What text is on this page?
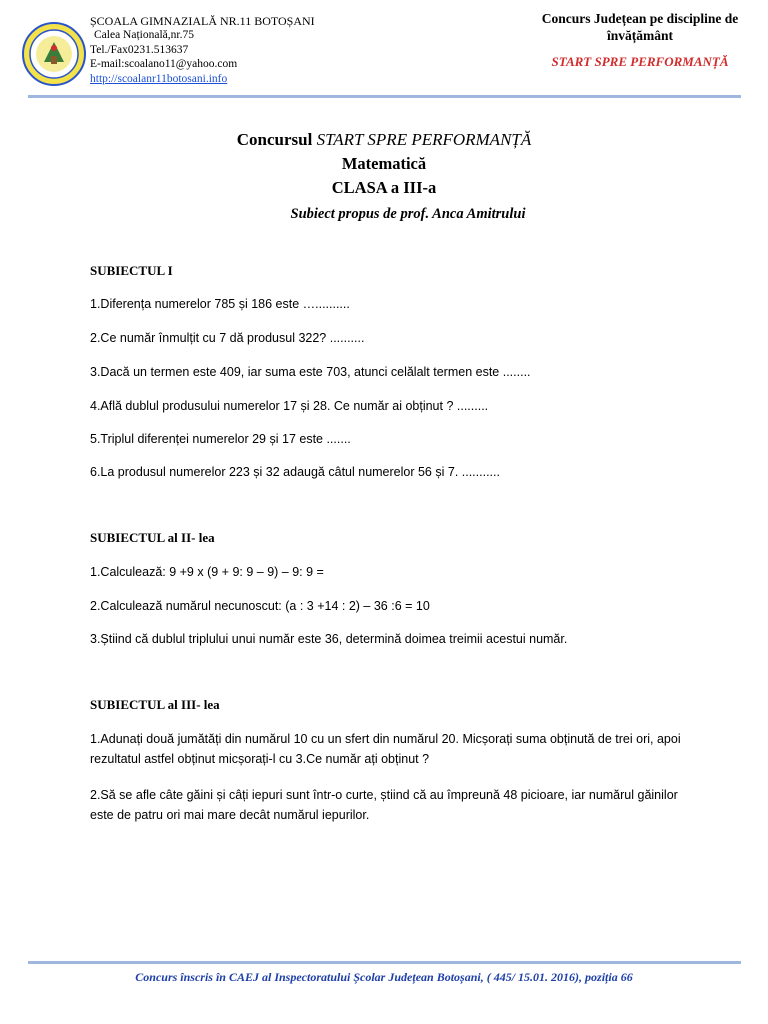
ȘCOALA GIMNAZIALĂ NR.11 BOTOȘANI
Calea Națională,nr.75
Tel./Fax0231.513637
E-mail:scoalano11@yahoo.com
http://scoalanr11botosani.info
Concurs Județean pe discipline de învățământ
START SPRE PERFORMANȚĂ
Concursul START SPRE PERFORMANȚĂ
Matematică
CLASA a III-a
Subiect propus de prof. Anca Amitrului
SUBIECTUL I
1.Diferența numerelor 785 și 186 este …..........
2.Ce număr înmulțit cu 7 dă produsul 322? ..........
3.Dacă un termen este 409, iar suma este 703, atunci celălalt termen este ........
4.Află dublul produsului numerelor 17 și 28. Ce număr ai obținut ? .........
5.Triplul diferenței numerelor 29 și 17 este .......
6.La produsul numerelor 223 și 32 adaugă câtul numerelor 56 și 7. ...........
SUBIECTUL al II- lea
1.Calculează: 9 +9 x (9 + 9: 9 – 9) – 9: 9 =
2.Calculează numărul necunoscut: (a : 3 +14 : 2) – 36 :6 = 10
3.Știind că dublul triplului unui număr este 36, determină doimea treimii acestui număr.
SUBIECTUL al III- lea
1.Adunați două jumătăți din numărul 10 cu un sfert din numărul 20. Micșorați suma obținută de trei ori, apoi rezultatul astfel obținut micșorați-l cu 3.Ce număr ați obținut ?
2.Să se afle câte găini și câți iepuri sunt într-o curte, știind că au împreună 48 picioare, iar numărul găinilor este de patru ori mai mare decât numărul iepurilor.
Concurs înscris în CAEJ al Inspectoratului Școlar Județean Botoșani, ( 445/ 15.01. 2016), poziția 66
